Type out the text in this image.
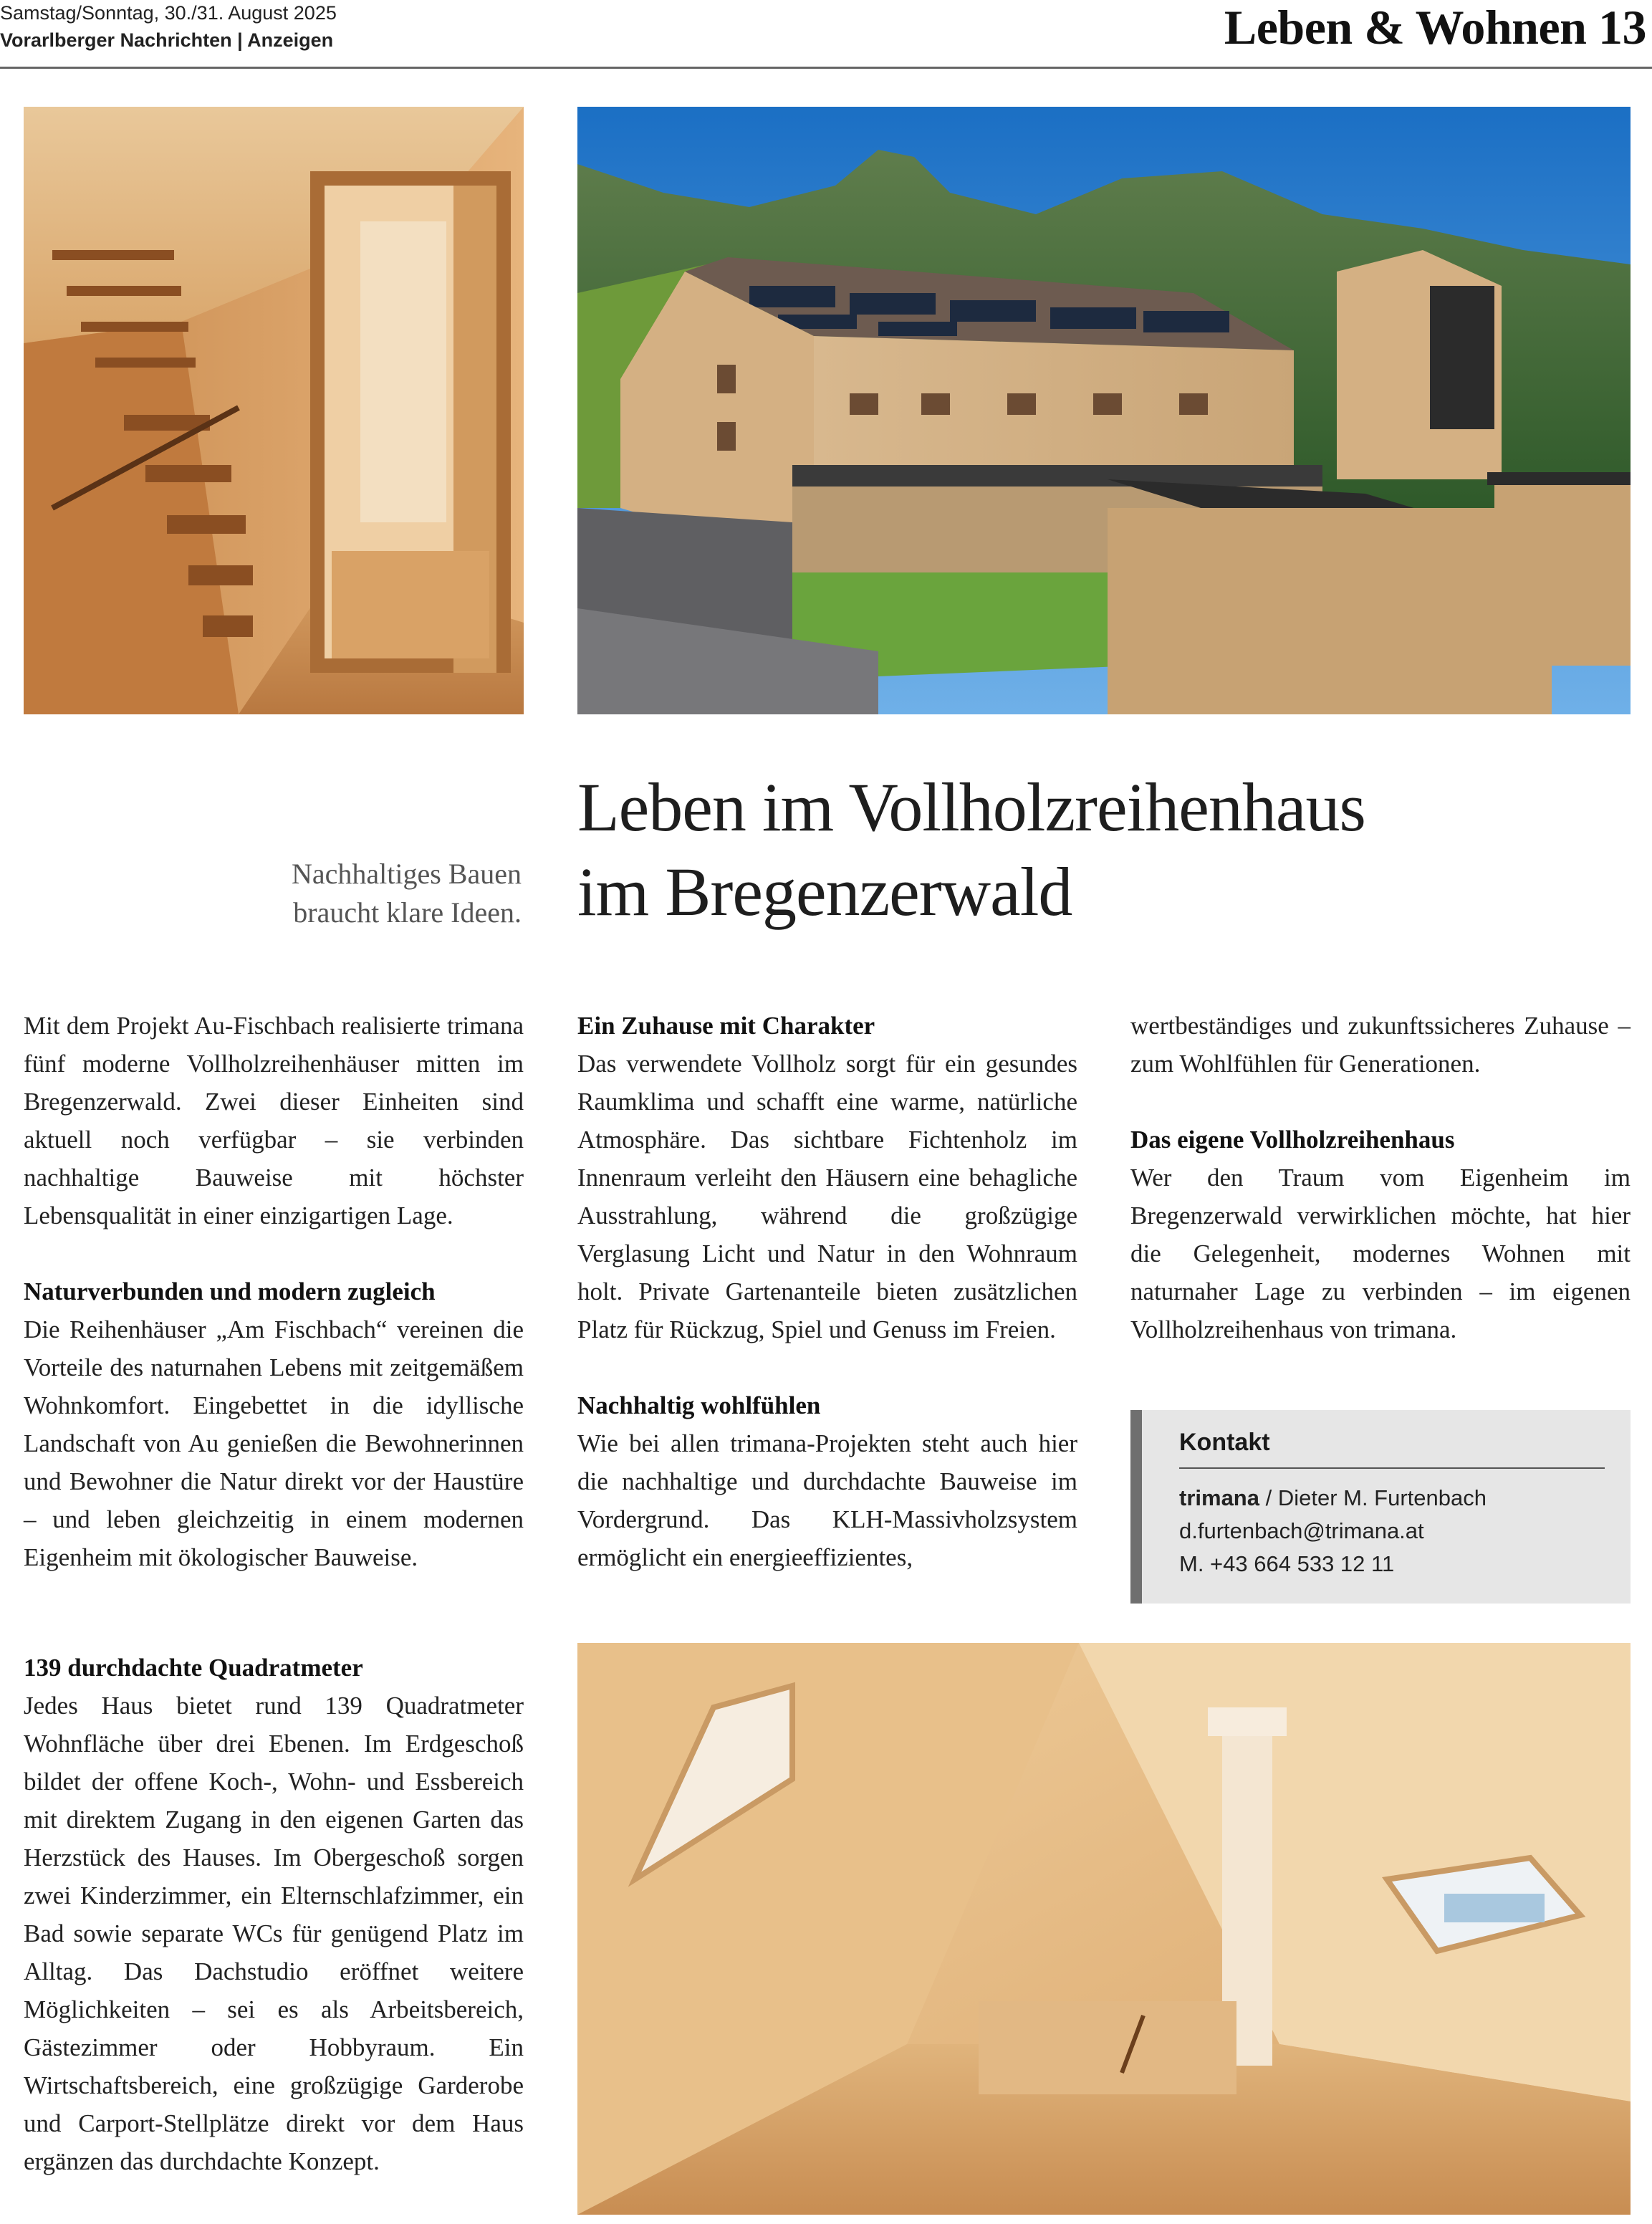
Samstag/Sonntag, 30./31. August 2025
Vorarlberger Nachrichten | Anzeigen	Leben & Wohnen 13
Nachhaltiges Bauen
braucht klare Ideen.
Leben im Vollholzreihenhaus
im Bregenzerwald

Mit dem Projekt Au-Fischbach realisierte trimana fünf moderne Vollholzreihenhäuser mitten im Bregenzerwald. Zwei dieser Einheiten sind aktuell noch verfügbar – sie verbinden nachhaltige Bauweise mit höchster Lebensqualität in einer einzigartigen Lage.

Naturverbunden und modern zugleich

Die Reihenhäuser „Am Fischbach“ vereinen die Vorteile des naturnahen Lebens mit zeitgemäßem Wohnkomfort. Eingebettet in die idyllische Landschaft von Au genießen die Bewohnerinnen und Bewohner die Natur direkt vor der Haustüre – und leben gleichzeitig in einem modernen Eigenheim mit ökologischer Bauweise.

139 durchdachte Quadratmeter

Jedes Haus bietet rund 139 Quadratmeter Wohnfläche über drei Ebenen. Im Erdgeschoß bildet der offene Koch-, Wohn- und Essbereich mit direktem Zugang in den eigenen Garten das Herzstück des Hauses. Im Obergeschoß sorgen zwei Kinderzimmer, ein Elternschlafzimmer, ein Bad sowie separate WCs für genügend Platz im Alltag. Das Dachstudio eröffnet weitere Möglichkeiten – sei es als Arbeitsbereich, Gästezimmer oder Hobbyraum. Ein Wirtschaftsbereich, eine großzügige Garderobe und Carport-Stellplätze direkt vor dem Haus ergänzen das durchdachte Konzept.

Ein Zuhause mit Charakter

Das verwendete Vollholz sorgt für ein gesundes Raumklima und schafft eine warme, natürliche Atmosphäre. Das sichtbare Fichtenholz im Innenraum verleiht den Häusern eine behagliche Ausstrahlung, während die großzügige Verglasung Licht und Natur in den Wohnraum holt. Private Gartenanteile bieten zusätzlichen Platz für Rückzug, Spiel und Genuss im Freien.

Nachhaltig wohlfühlen

Wie bei allen trimana-Projekten steht auch hier die nachhaltige und durchdachte Bauweise im Vordergrund. Das KLH-Massivholzsystem ermöglicht ein energieeffizientes,

wertbeständiges und zukunftssicheres Zuhause – zum Wohlfühlen für Generationen.

Das eigene Vollholzreihenhaus

Wer den Traum vom Eigenheim im Bregenzerwald verwirklichen möchte, hat hier die Gelegenheit, modernes Wohnen mit naturnaher Lage zu verbinden – im eigenen Vollholzreihenhaus von trimana.

Kontakt
trimana / Dieter M. Furtenbach
d.furtenbach@trimana.at
M. +43 664 533 12 11
